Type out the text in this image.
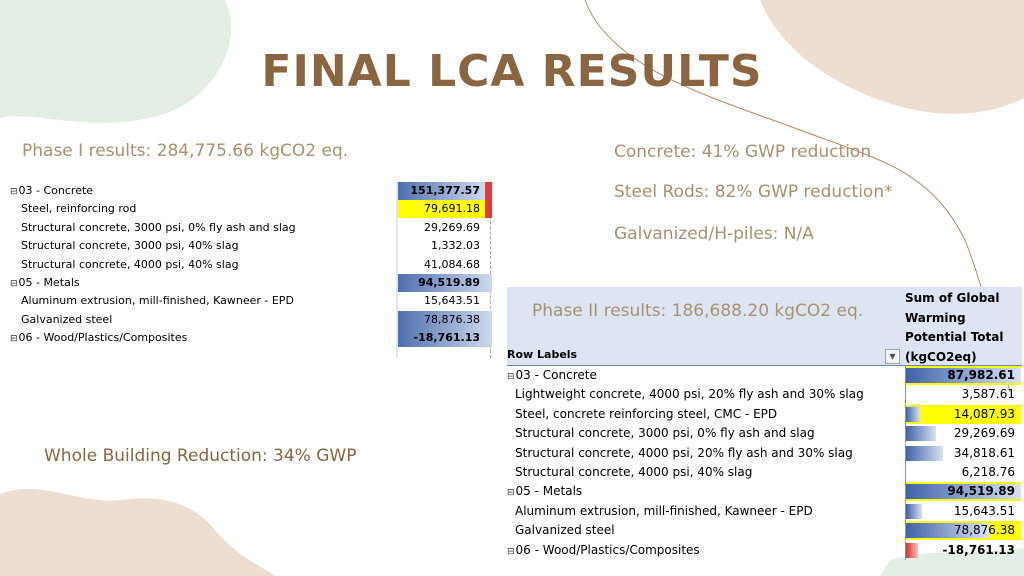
FINAL LCA RESULTS
Phase I results: 284,775.66 kgCO2 eq.	Concrete: 41% GWP reduction
Steel Rods: 82% GWP reduction*
Galvanized/H-piles: N/A
Whole Building Reduction: 34% GWP
⊟03 - Concrete	151,377.57
Steel, reinforcing rod	79,691.18
Structural concrete, 3000 psi, 0% fly ash and slag	29,269.69
Structural concrete, 3000 psi, 40% slag	1,332.03
Structural concrete, 4000 psi, 40% slag	41,084.68
⊟05 - Metals	94,519.89
Aluminum extrusion, mill-finished, Kawneer - EPD	15,643.51
Galvanized steel	78,876.38
⊟06 - Wood/Plastics/Composites	-18,761.13
Phase II results: 186,688.20 kgCO2 eq.
Sum of Global Warming Potential Total (kgCO2eq)
Row Labels	▼
⊟03 - Concrete	87,982.61
Lightweight concrete, 4000 psi, 20% fly ash and 30% slag	3,587.61
Steel, concrete reinforcing steel, CMC - EPD	14,087.93
Structural concrete, 3000 psi, 0% fly ash and slag	29,269.69
Structural concrete, 4000 psi, 20% fly ash and 30% slag	34,818.61
Structural concrete, 4000 psi, 40% slag	6,218.76
⊟05 - Metals	94,519.89
Aluminum extrusion, mill-finished, Kawneer - EPD	15,643.51
Galvanized steel	78,876.38
⊟06 - Wood/Plastics/Composites	-18,761.13
